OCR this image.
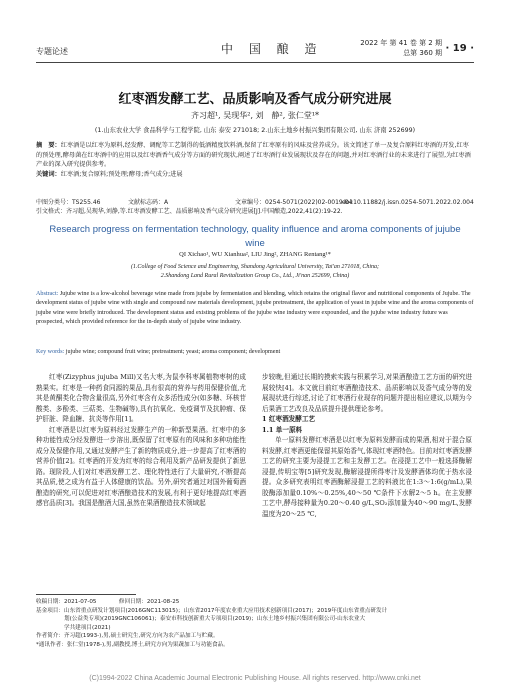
专题论述	中 国 酿 造	2022 年 第 41 卷 第 2 期
总第 360 期 · 19 ·
红枣酒发酵工艺、品质影响及香气成分研究进展
齐习超¹, 吴现华², 刘　静², 张仁堂¹*
(1.山东农业大学 食品科学与工程学院, 山东 泰安 271018; 2.山东土地乡村振兴集团有限公司, 山东 济南 252699)
摘　要：红枣酒是以红枣为原料,经发酵、调配等工艺制得的低酒精度饮料酒,保留了红枣原有的风味及营养成分。该文简述了单一及复合原料红枣酒的开发,红枣的预处理,酵母菌在红枣酒中的应用以及红枣酒香气成分等方面的研究现状,阐述了红枣酒行业发展现状及存在的问题,并对红枣酒行业的未来进行了展望,为红枣酒产业的深入研究提供参考。
关键词：红枣酒;复合原料;预处理;酵母;香气成分;进展
中图分类号：TS255.46	文献标志码：A	文章编号：0254-5071(2022)02-0019-04
doi:10.11882/j.issn.0254-5071.2022.02.004
引文格式：齐习超,吴现华,刘静,等.红枣酒发酵工艺、品质影响及香气成分研究进展[J].中国酿造,2022,41(2):19-22.
Research progress on fermentation technology, quality influence and aroma components of jujube wine
QI Xichao¹, WU Xianhua², LIU Jing², ZHANG Rentang¹*
(1.College of Food Science and Engineering, Shandong Agricultural University, Tai'an 271018, China;
2.Shandong Land Rural Revitalization Group Co., Ltd., Ji'nan 252699, China)
Abstract: Jujube wine is a low-alcohol beverage wine made from jujube by fermentation and blending, which retains the original flavor and nutritional components of Jujube. The development status of jujube wine with single and compound raw materials development, jujube pretreatment, the application of yeast in jujube wine and the aroma components of jujube wine were briefly introduced. The development status and existing problems of the jujube wine industry were expounded, and the jujube wine industry future was prospected, which provided reference for the in-depth study of jujube wine industry.
Key words: jujube wine; compound fruit wine; pretreatment; yeast; aroma component; development

红枣(Zizyphus jujuba Mill)又名大枣,为鼠李科枣属植物枣树的成熟果实。红枣是一种药食同源的果品,具有很高的营养与药用保健价值,尤其是黄酮类化合物含量很高,另外红枣含有众多活性成分(如多糖、环核苷酸类、多酚类、三萜类、生物碱等),具有抗氧化、免疫调节及抗肿瘤、保护肝脏、降血糖、抗炎等作用[1]。

红枣酒是以红枣为原料经过发酵生产的一种新型果酒。红枣中的多种功能性成分经发酵进一步溶出,既保留了红枣原有的风味和多种功能性成分及保健作用,又通过发酵产生了新的物质成分,进一步提高了红枣酒的营养价值[2]。红枣酒的开发为红枣的综合利用及新产品研发提供了新思路。现阶段,人们对红枣酒发酵工艺、理化特性进行了大量研究,不断提高其品质,使之成为有益于人体健康的饮品。另外,研究者通过对国外葡萄酒酿造的研究,可以促进对红枣酒酿造技术的发展,有利于更好地提高红枣酒感官品质[3]。我国是酿酒大国,虽然在果酒酿造技术领域起

步较晚,但通过长期的摸索实践与积累学习,对果酒酿造工艺方面的研究进展较快[4]。本文就目前红枣酒酿造技术、品质影响以及香气成分等的发展现状进行综述,讨论了红枣酒行业现存的问题并提出相应建议,以期为今后果酒工艺改良及品质提升提供理论参考。

1 红枣酒发酵工艺

1.1 单一原料

单一原料发酵红枣酒是以红枣为原料发酵而成的果酒,相对于混合原料发酵,红枣酒更能保留其原始香气,体现红枣酒特色。目前对红枣酒发酵工艺的研究主要为浸提工艺和主发酵工艺。在浸提工艺中一般选择酶解浸提,传明宝等[5]研究发现,酶解浸提所得枣汁及发酵酒体均优于热水浸提。众多研究表明红枣酒酶解浸提工艺的料液比在1:3～1:6(g/mL),果胶酶添加量0.10%～0.25%,40～50 ℃条件下水解2～5 h。在主发酵工艺中,酵母接种量为0.20～0.40 g/L,SO₂添加量为40～90 mg/L,发酵温度为20～25 ℃,

收稿日期：2021-07-05　　　　修回日期：2021-08-25
基金项目：山东省重点研发计划项目(2016GNC113015)；山东省2017年度农业重大应用技术创新项目(2017)；2019年度山东省重点研发计
　　　　　划(公益类专项)(2019GNC106061)；泰安市科技创新重大专项项目(2019)；山东土地乡村振兴集团有限公司-山东农业大
　　　　　学共建项目(2021)
作者简介：齐习超(1993-),男,硕士研究生,研究方向为农产品加工与贮藏。
*通讯作者：张仁堂(1978-),男,副教授,博士,研究方向为果蔬加工与功能食品。
(C)1994-2022 China Academic Journal Electronic Publishing House. All rights reserved. http://www.cnki.net
